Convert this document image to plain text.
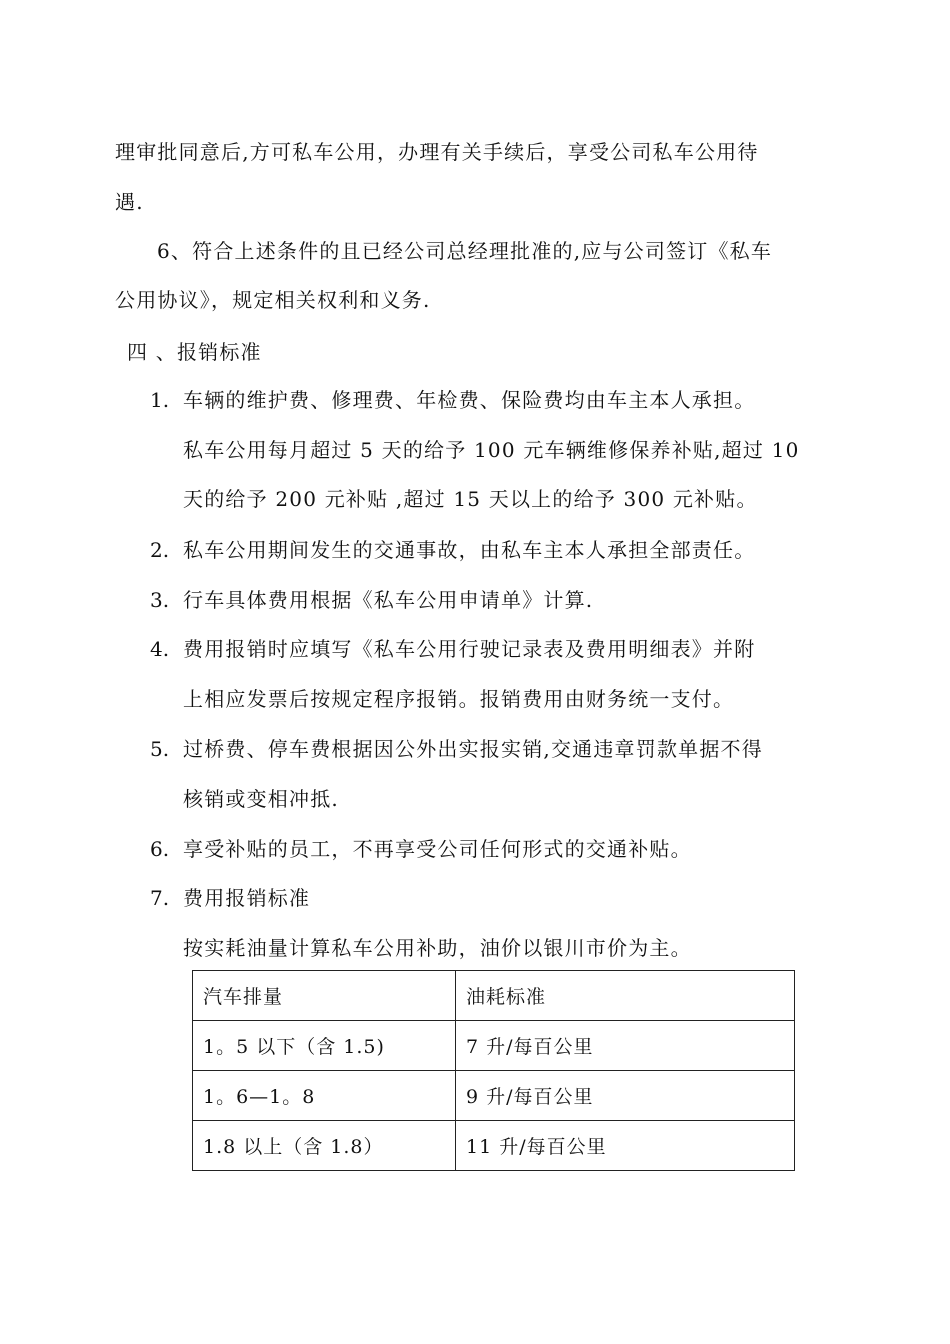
理审批同意后,方可私车公用，办理有关手续后，享受公司私车公用待
遇.
6、符合上述条件的且已经公司总经理批准的,应与公司签订《私车
公用协议》，规定相关权利和义务.
四 、报销标准
1. 车辆的维护费、修理费、年检费、保险费均由车主本人承担。
私车公用每月超过 5 天的给予 100 元车辆维修保养补贴,超过 10
天的给予 200 元补贴 ,超过 15 天以上的给予 300 元补贴。
2. 私车公用期间发生的交通事故，由私车主本人承担全部责任。
3. 行车具体费用根据《私车公用申请单》计算.
4. 费用报销时应填写《私车公用行驶记录表及费用明细表》并附
上相应发票后按规定程序报销。报销费用由财务统一支付。
5. 过桥费、停车费根据因公外出实报实销,交通违章罚款单据不得
核销或变相冲抵.
6. 享受补贴的员工，不再享受公司任何形式的交通补贴。
7. 费用报销标准
按实耗油量计算私车公用补助，油价以银川市价为主。
汽车排量	油耗标准
1。5 以下（含 1.5)	7 升/每百公里
1。6—1。8	9 升/每百公里
1.8 以上（含 1.8）	11 升/每百公里
